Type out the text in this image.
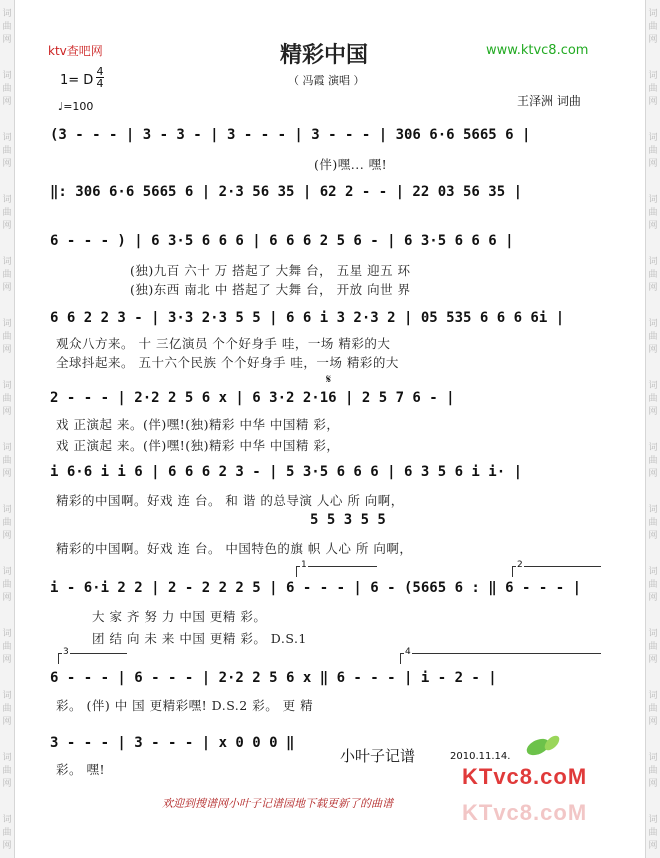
词
曲
网
词
曲
网
词
曲
网
词
曲
网
词
曲
网
词
曲
网
词
曲
网
词
曲
网
词
曲
网
词
曲
网
词
曲
网
词
曲
网
词
曲
网
词
曲
网
词
曲
网
词
曲
网
词
曲
网
词
曲
网
词
曲
网
词
曲
网
词
曲
网
词
曲
网
词
曲
网
词
曲
网
词
曲
网
词
曲
网
词
曲
网
词
曲
网
ktv查吧网	精彩中国	www.ktvc8.com
（ 冯霞 演唱 ）
1= D
4
4
♩=100	王泽洲 词曲
(3 - - - | 3 - 3 - | 3 - - - | 3 - - - | 306 6·6 5665 6 |
(伴)嘿... 嘿!
‖: 306 6·6 5665 6 | 2·3 56 35 | 62 2 - - | 22 03 56 35 |
6 - - - ) | 6 3·5 6 6 6 | 6 6 6 2 5 6 - | 6 3·5 6 6 6 |
(独)九百 六十 万 搭起了 大舞 台， 五星 迎五 环
(独)东西 南北 中 搭起了 大舞 台， 开放 向世 界
6 6 2 2 3 - | 3·3 2·3 5 5 | 6 6 i 3 2·3 2 | 05 535 6 6 6 6i |
观众八方来。 十 三亿演员 个个好身手 哇，一场 精彩的大
全球抖起来。 五十六个民族 个个好身手 哇，一场 精彩的大
2 - - - | 2·2 2 5 6 x | 6 3·2 2·16 | 2 5 7 6 - |
𝄋
戏 正演起 来。(伴)嘿!(独)精彩 中华 中国精 彩，
戏 正演起 来。(伴)嘿!(独)精彩 中华 中国精 彩，
i 6·6 i i 6 | 6 6 6 2 3 - | 5 3·5 6 6 6 | 6 3 5 6 i i· |
精彩的中国啊。好戏 连 台。 和 谐 的总导演 人心 所 向啊，
5 5 3 5 5
精彩的中国啊。好戏 连 台。 中国特色的旗 帜 人心 所 向啊，
1	2
i - 6·i 2 2 | 2 - 2 2 2 5 | 6 - - - | 6 - (5665 6 : ‖ 6 - - - |
大 家 齐 努 力 中国 更精 彩。
团 结 向 未 来 中国 更精 彩。 D.S.1
3	4
6 - - - | 6 - - - | 2·2 2 5 6 x ‖ 6 - - - | i - 2 - |
彩。 (伴) 中 国 更精彩嘿! D.S.2 彩。 更 精
3 - - - | 3 - - - | x 0 0 0 ‖
彩。 嘿!
小叶子记谱	2010.11.14.
KTvc8.coM
KTvc8.coM
欢迎到搜谱网小叶子记谱园地下载更新了的曲谱
